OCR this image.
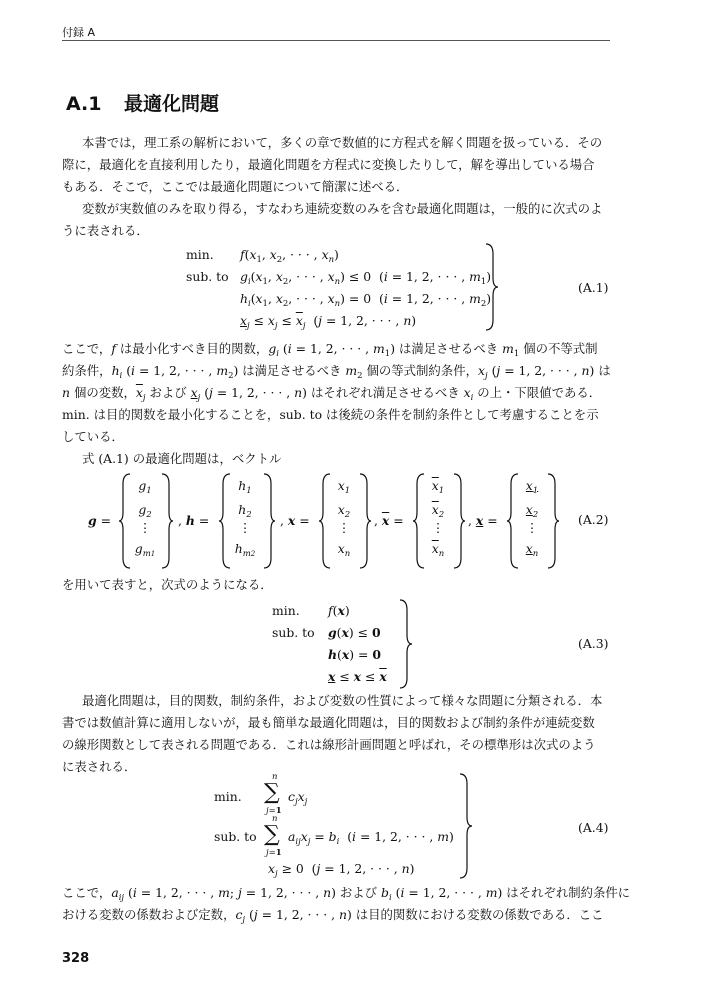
付録 A
A.1 最適化問題
本書では，理工系の解析において，多くの章で数値的に方程式を解く問題を扱っている．その
際に，最適化を直接利用したり，最適化問題を方程式に変換したりして，解を導出している場合
もある．そこで，ここでは最適化問題について簡潔に述べる．
変数が実数値のみを取り得る，すなわち連続変数のみを含む最適化問題は，一般的に次式のよ
うに表される．
min. $f(x_1$, $x_2$, · · · , $x_n$)
sub. to $g_i(x_1$, $x_2$, · · · , $x_n) \le 0$  (i = 1, 2, · · · , $m_1$)
$h_i(x_1$, $x_2$, · · · , $x_n) = 0$  (i = 1, 2, · · · , $m_2$)
$x_j \le x_j \le \overline{x}_j$  (j = 1, 2, · · · , n)
(A.1)
ここで，f は最小化すべき目的関数，$g_i$ (i = 1, 2, · · · , $m_1$) は満足させるべき $m_1$ 個の不等式制
約条件，$h_i$ (i = 1, 2, · · · , $m_2$) は満足させるべき $m_2$ 個の等式制約条件，$x_j$ (j = 1, 2, · · · , n) は
n 個の変数，$\overline{x}_j$ および $x_j$ (j = 1, 2, · · · , n) はそれぞれ満足させるべき $x_i$ の上・下限値である．
min. は目的関数を最小化することを，sub. to は後続の条件を制約条件として考慮することを示
している．
式 (A.1) の最適化問題は，ベクトル
g =
$g_1$
$g_2$
⋮
$g_{m1}$
, h =
$h_1$
$h_2$
⋮
$h_{m2}$
, x =
$x_1$
$x_2$
⋮
$x_n$
, $\overline{x}$ =
$\overline{x}_1$
$\overline{x}_2$
⋮
$\overline{x}_n$
, x =
$x_1$
$x_2$
⋮
$x_n$
(A.2)
を用いて表すと，次式のようになる．
min. f(x)
sub. to g(x) ≤ 0
h(x) = 0
$x \le x \le \overline{x}$
(A.3)
最適化問題は，目的関数，制約条件，および変数の性質によって様々な問題に分類される．本
書では数値計算に適用しないが，最も簡単な最適化問題は，目的関数および制約条件が連続変数
の線形関数として表される問題である．これは線形計画問題と呼ばれ，その標準形は次式のよう
に表される．
min.
n
∑
j=1
$c_jx_j$
sub. to
n
∑
j=1
$a_{ij}x_j = b_i$  (i = 1, 2, · · · , m)
$x_j \ge 0$  (j = 1, 2, · · · , n)
(A.4)
ここで，$a_{ij}$ (i = 1, 2, · · · , m; j = 1, 2, · · · , n) および $b_i$ (i = 1, 2, · · · , m) はそれぞれ制約条件に
おける変数の係数および定数，$c_j$ (j = 1, 2, · · · , n) は目的関数における変数の係数である．ここ
328
